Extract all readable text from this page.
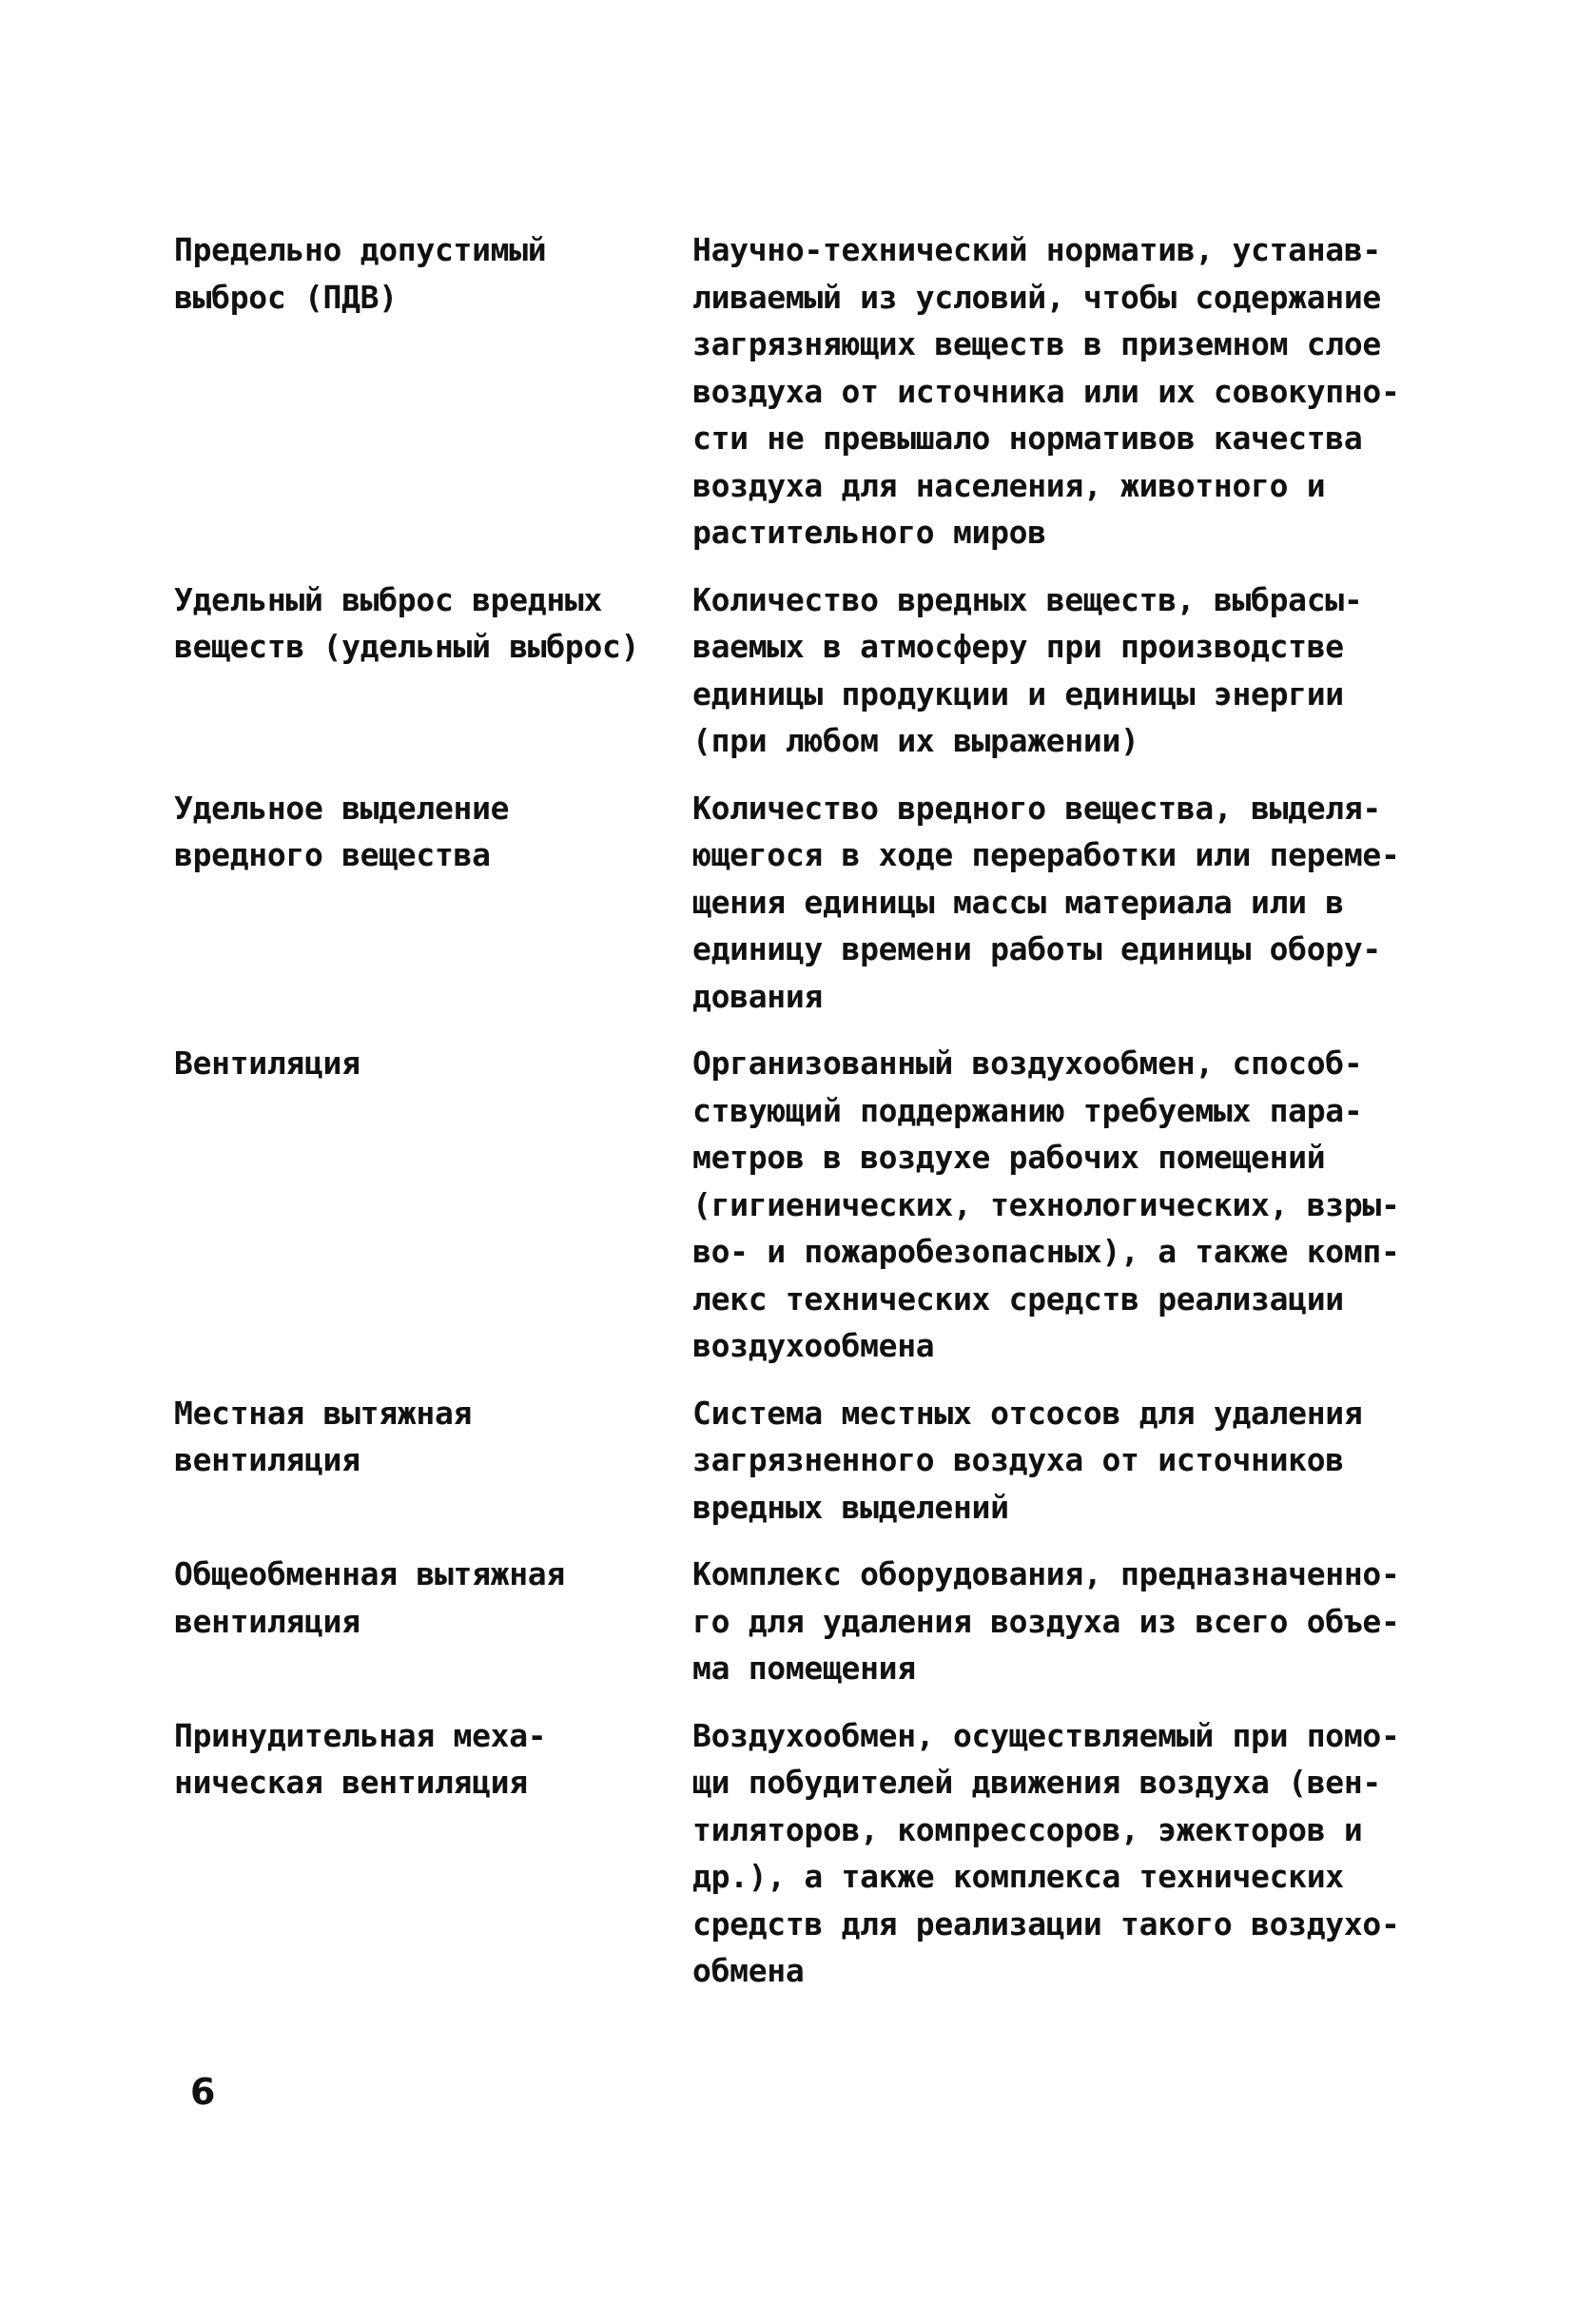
Предельно допустимый
выброс (ПДВ)
Научно-технический норматив, устанав-
ливаемый из условий, чтобы содержание
загрязняющих веществ в приземном слое
воздуха от источника или их совокупно-
сти не превышало нормативов качества
воздуха для населения, животного и
растительного миров
Удельный выброс вредных
веществ (удельный выброс)
Количество вредных веществ, выбрасы-
ваемых в атмосферу при производстве
единицы продукции и единицы энергии
(при любом их выражении)
Удельное выделение
вредного вещества
Количество вредного вещества, выделя-
ющегося в ходе переработки или переме-
щения единицы массы материала или в
единицу времени работы единицы обору-
дования
Вентиляция	Организованный воздухообмен, способ-
ствующий поддержанию требуемых пара-
метров в воздухе рабочих помещений
(гигиенических, технологических, взры-
во- и пожаробезопасных), а также комп-
лекс технических средств реализации
воздухообмена
Местная вытяжная
вентиляция
Система местных отсосов для удаления
загрязненного воздуха от источников
вредных выделений
Общеобменная вытяжная
вентиляция
Комплекс оборудования, предназначенно-
го для удаления воздуха из всего объе-
ма помещения
Принудительная меха-
ническая вентиляция
Воздухообмен, осуществляемый при помо-
щи побудителей движения воздуха (вен-
тиляторов, компрессоров, эжекторов и
др.), а также комплекса технических
средств для реализации такого воздухо-
обмена
6
